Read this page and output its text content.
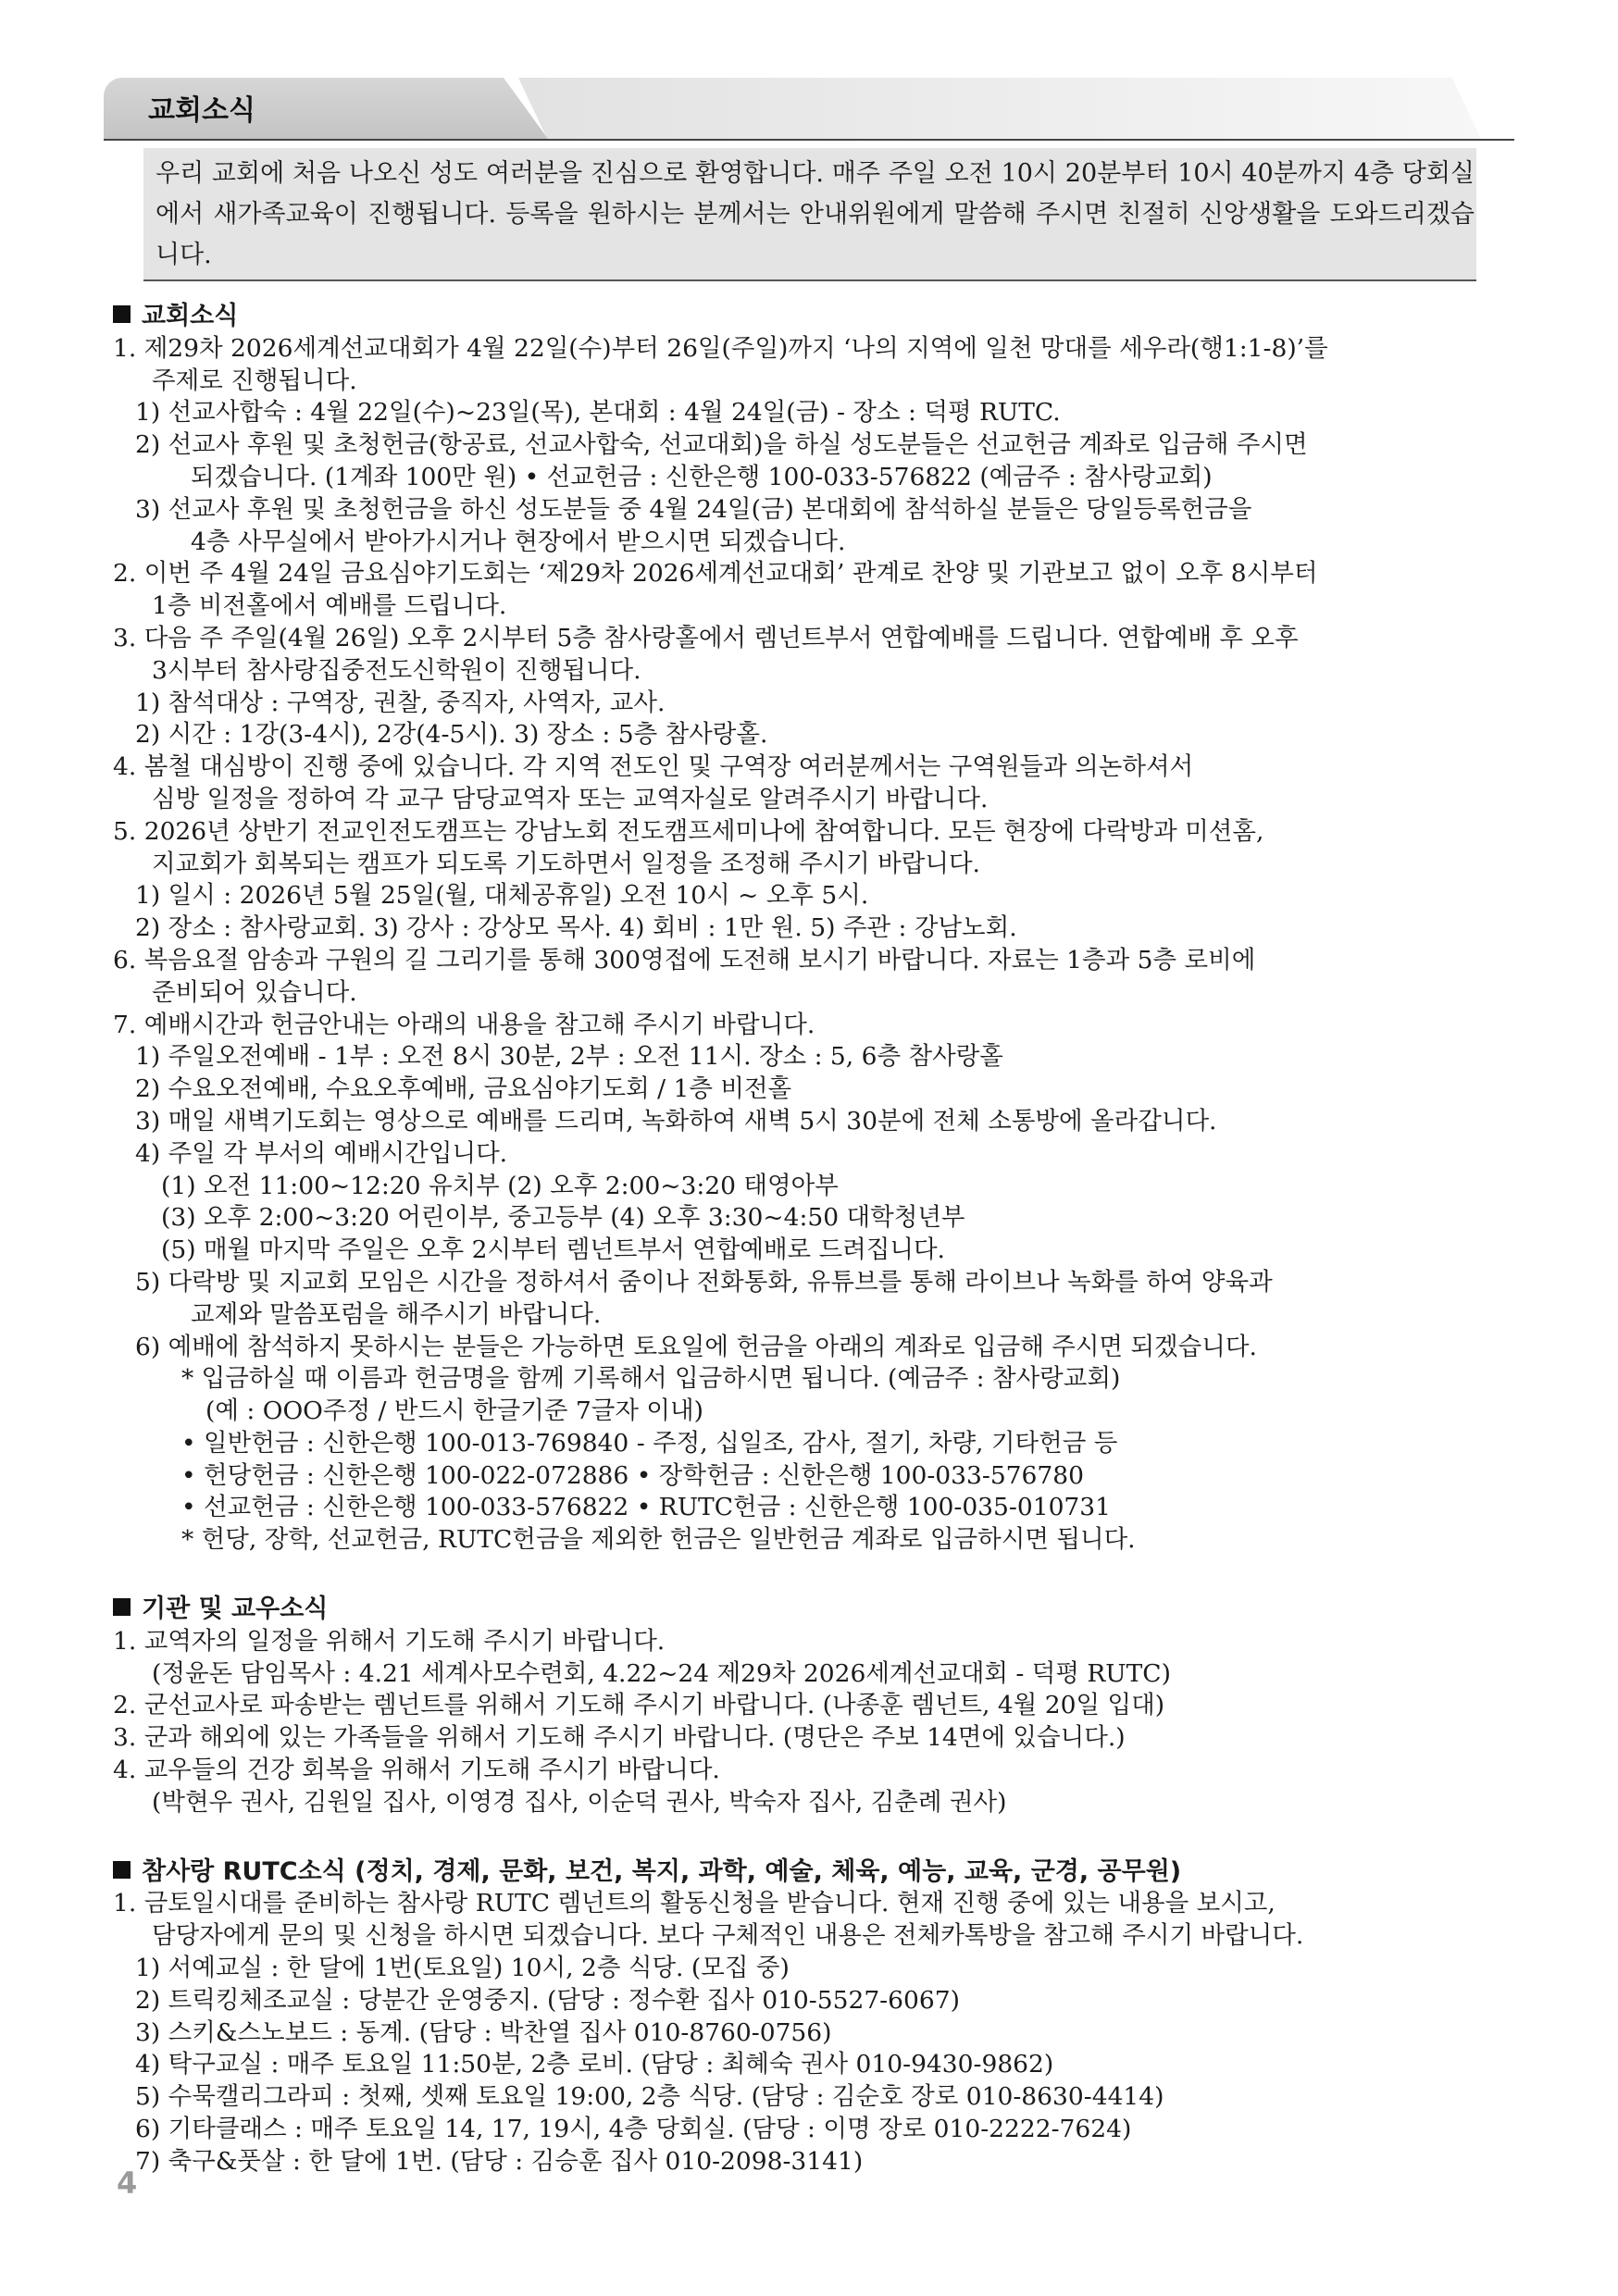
교회소식
우리 교회에 처음 나오신 성도 여러분을 진심으로 환영합니다. 매주 주일 오전 10시 20분부터 10시 40분까지 4층 당회실에서 새가족교육이 진행됩니다. 등록을 원하시는 분께서는 안내위원에게 말씀해 주시면 친절히 신앙생활을 도와드리겠습니다.
교회소식
1. 제29차 2026세계선교대회가 4월 22일(수)부터 26일(주일)까지 ‘나의 지역에 일천 망대를 세우라(행1:1-8)’를
주제로 진행됩니다.
1) 선교사합숙 : 4월 22일(수)~23일(목), 본대회 : 4월 24일(금) - 장소 : 덕평 RUTC.
2) 선교사 후원 및 초청헌금(항공료, 선교사합숙, 선교대회)을 하실 성도분들은 선교헌금 계좌로 입금해 주시면
되겠습니다. (1계좌 100만 원) • 선교헌금 : 신한은행 100-033-576822 (예금주 : 참사랑교회)
3) 선교사 후원 및 초청헌금을 하신 성도분들 중 4월 24일(금) 본대회에 참석하실 분들은 당일등록헌금을
4층 사무실에서 받아가시거나 현장에서 받으시면 되겠습니다.
2. 이번 주 4월 24일 금요심야기도회는 ‘제29차 2026세계선교대회’ 관계로 찬양 및 기관보고 없이 오후 8시부터
1층 비전홀에서 예배를 드립니다.
3. 다음 주 주일(4월 26일) 오후 2시부터 5층 참사랑홀에서 렘넌트부서 연합예배를 드립니다. 연합예배 후 오후
3시부터 참사랑집중전도신학원이 진행됩니다.
1) 참석대상 : 구역장, 권찰, 중직자, 사역자, 교사.
2) 시간 : 1강(3-4시), 2강(4-5시). 3) 장소 : 5층 참사랑홀.
4. 봄철 대심방이 진행 중에 있습니다. 각 지역 전도인 및 구역장 여러분께서는 구역원들과 의논하셔서
심방 일정을 정하여 각 교구 담당교역자 또는 교역자실로 알려주시기 바랍니다.
5. 2026년 상반기 전교인전도캠프는 강남노회 전도캠프세미나에 참여합니다. 모든 현장에 다락방과 미션홈,
지교회가 회복되는 캠프가 되도록 기도하면서 일정을 조정해 주시기 바랍니다.
1) 일시 : 2026년 5월 25일(월, 대체공휴일) 오전 10시 ~ 오후 5시.
2) 장소 : 참사랑교회. 3) 강사 : 강상모 목사. 4) 회비 : 1만 원. 5) 주관 : 강남노회.
6. 복음요절 암송과 구원의 길 그리기를 통해 300영접에 도전해 보시기 바랍니다. 자료는 1층과 5층 로비에
준비되어 있습니다.
7. 예배시간과 헌금안내는 아래의 내용을 참고해 주시기 바랍니다.
1) 주일오전예배 - 1부 : 오전 8시 30분, 2부 : 오전 11시. 장소 : 5, 6층 참사랑홀
2) 수요오전예배, 수요오후예배, 금요심야기도회 / 1층 비전홀
3) 매일 새벽기도회는 영상으로 예배를 드리며, 녹화하여 새벽 5시 30분에 전체 소통방에 올라갑니다.
4) 주일 각 부서의 예배시간입니다.
(1) 오전 11:00~12:20 유치부 (2) 오후 2:00~3:20 태영아부
(3) 오후 2:00~3:20 어린이부, 중고등부 (4) 오후 3:30~4:50 대학청년부
(5) 매월 마지막 주일은 오후 2시부터 렘넌트부서 연합예배로 드려집니다.
5) 다락방 및 지교회 모임은 시간을 정하셔서 줌이나 전화통화, 유튜브를 통해 라이브나 녹화를 하여 양육과
교제와 말씀포럼을 해주시기 바랍니다.
6) 예배에 참석하지 못하시는 분들은 가능하면 토요일에 헌금을 아래의 계좌로 입금해 주시면 되겠습니다.
* 입금하실 때 이름과 헌금명을 함께 기록해서 입금하시면 됩니다. (예금주 : 참사랑교회)
(예 : OOO주정 / 반드시 한글기준 7글자 이내)
• 일반헌금 : 신한은행 100-013-769840 - 주정, 십일조, 감사, 절기, 차량, 기타헌금 등
• 헌당헌금 : 신한은행 100-022-072886 • 장학헌금 : 신한은행 100-033-576780
• 선교헌금 : 신한은행 100-033-576822 • RUTC헌금 : 신한은행 100-035-010731
* 헌당, 장학, 선교헌금, RUTC헌금을 제외한 헌금은 일반헌금 계좌로 입금하시면 됩니다.
기관 및 교우소식
1. 교역자의 일정을 위해서 기도해 주시기 바랍니다.
(정윤돈 담임목사 : 4.21 세계사모수련회, 4.22~24 제29차 2026세계선교대회 - 덕평 RUTC)
2. 군선교사로 파송받는 렘넌트를 위해서 기도해 주시기 바랍니다. (나종훈 렘넌트, 4월 20일 입대)
3. 군과 해외에 있는 가족들을 위해서 기도해 주시기 바랍니다. (명단은 주보 14면에 있습니다.)
4. 교우들의 건강 회복을 위해서 기도해 주시기 바랍니다.
(박현우 권사, 김원일 집사, 이영경 집사, 이순덕 권사, 박숙자 집사, 김춘례 권사)
참사랑 RUTC소식 (정치, 경제, 문화, 보건, 복지, 과학, 예술, 체육, 예능, 교육, 군경, 공무원)
1. 금토일시대를 준비하는 참사랑 RUTC 렘넌트의 활동신청을 받습니다. 현재 진행 중에 있는 내용을 보시고,
담당자에게 문의 및 신청을 하시면 되겠습니다. 보다 구체적인 내용은 전체카톡방을 참고해 주시기 바랍니다.
1) 서예교실 : 한 달에 1번(토요일) 10시, 2층 식당. (모집 중)
2) 트릭킹체조교실 : 당분간 운영중지. (담당 : 정수환 집사 010-5527-6067)
3) 스키&스노보드 : 동계. (담당 : 박찬열 집사 010-8760-0756)
4) 탁구교실 : 매주 토요일 11:50분, 2층 로비. (담당 : 최혜숙 권사 010-9430-9862)
5) 수묵캘리그라피 : 첫째, 셋째 토요일 19:00, 2층 식당. (담당 : 김순호 장로 010-8630-4414)
6) 기타클래스 : 매주 토요일 14, 17, 19시, 4층 당회실. (담당 : 이명 장로 010-2222-7624)
7) 축구&풋살 : 한 달에 1번. (담당 : 김승훈 집사 010-2098-3141)
4
